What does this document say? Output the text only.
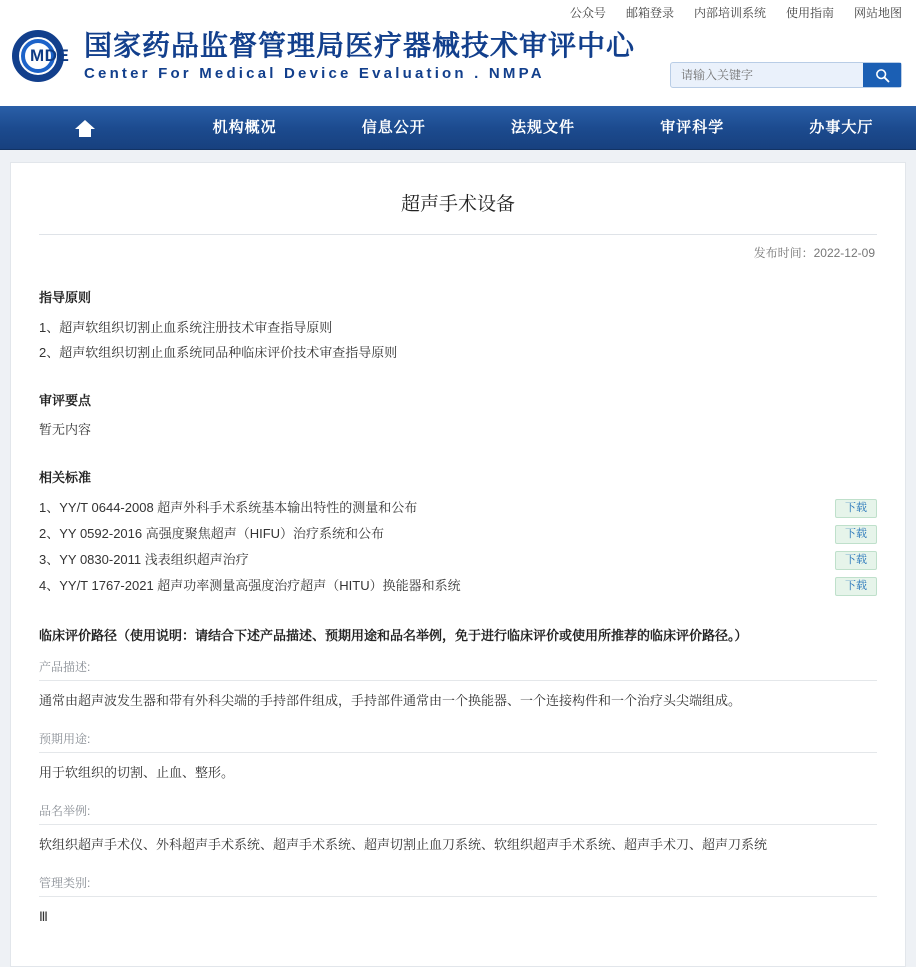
公众号 邮箱登录 内部培训系统 使用指南 网站地图
MDE 国家药品监督管理局医疗器械技术审评中心
Center For Medical Device Evaluation . NMPA
请输入关键字
机构概况	信息公开	法规文件	审评科学	办事大厅
超声手术设备
发布时间：2022-12-09
指导原则
1、超声软组织切割止血系统注册技术审查指导原则
2、超声软组织切割止血系统同品种临床评价技术审查指导原则
审评要点
暂无内容
相关标准
1、YY/T 0644-2008 超声外科手术系统基本输出特性的测量和公布	下载
2、YY 0592-2016 高强度聚焦超声（HIFU）治疗系统和公布	下载
3、YY 0830-2011 浅表组织超声治疗	下载
4、YY/T 1767-2021 超声功率测量高强度治疗超声（HITU）换能器和系统	下载
临床评价路径（使用说明：请结合下述产品描述、预期用途和品名举例，免于进行临床评价或使用所推荐的临床评价路径。）
产品描述:
通常由超声波发生器和带有外科尖端的手持部件组成，手持部件通常由一个换能器、一个连接构件和一个治疗头尖端组成。
预期用途:
用于软组织的切割、止血、整形。
品名举例:
软组织超声手术仪、外科超声手术系统、超声手术系统、超声切割止血刀系统、软组织超声手术系统、超声手术刀、超声刀系统
管理类别:
Ⅲ
